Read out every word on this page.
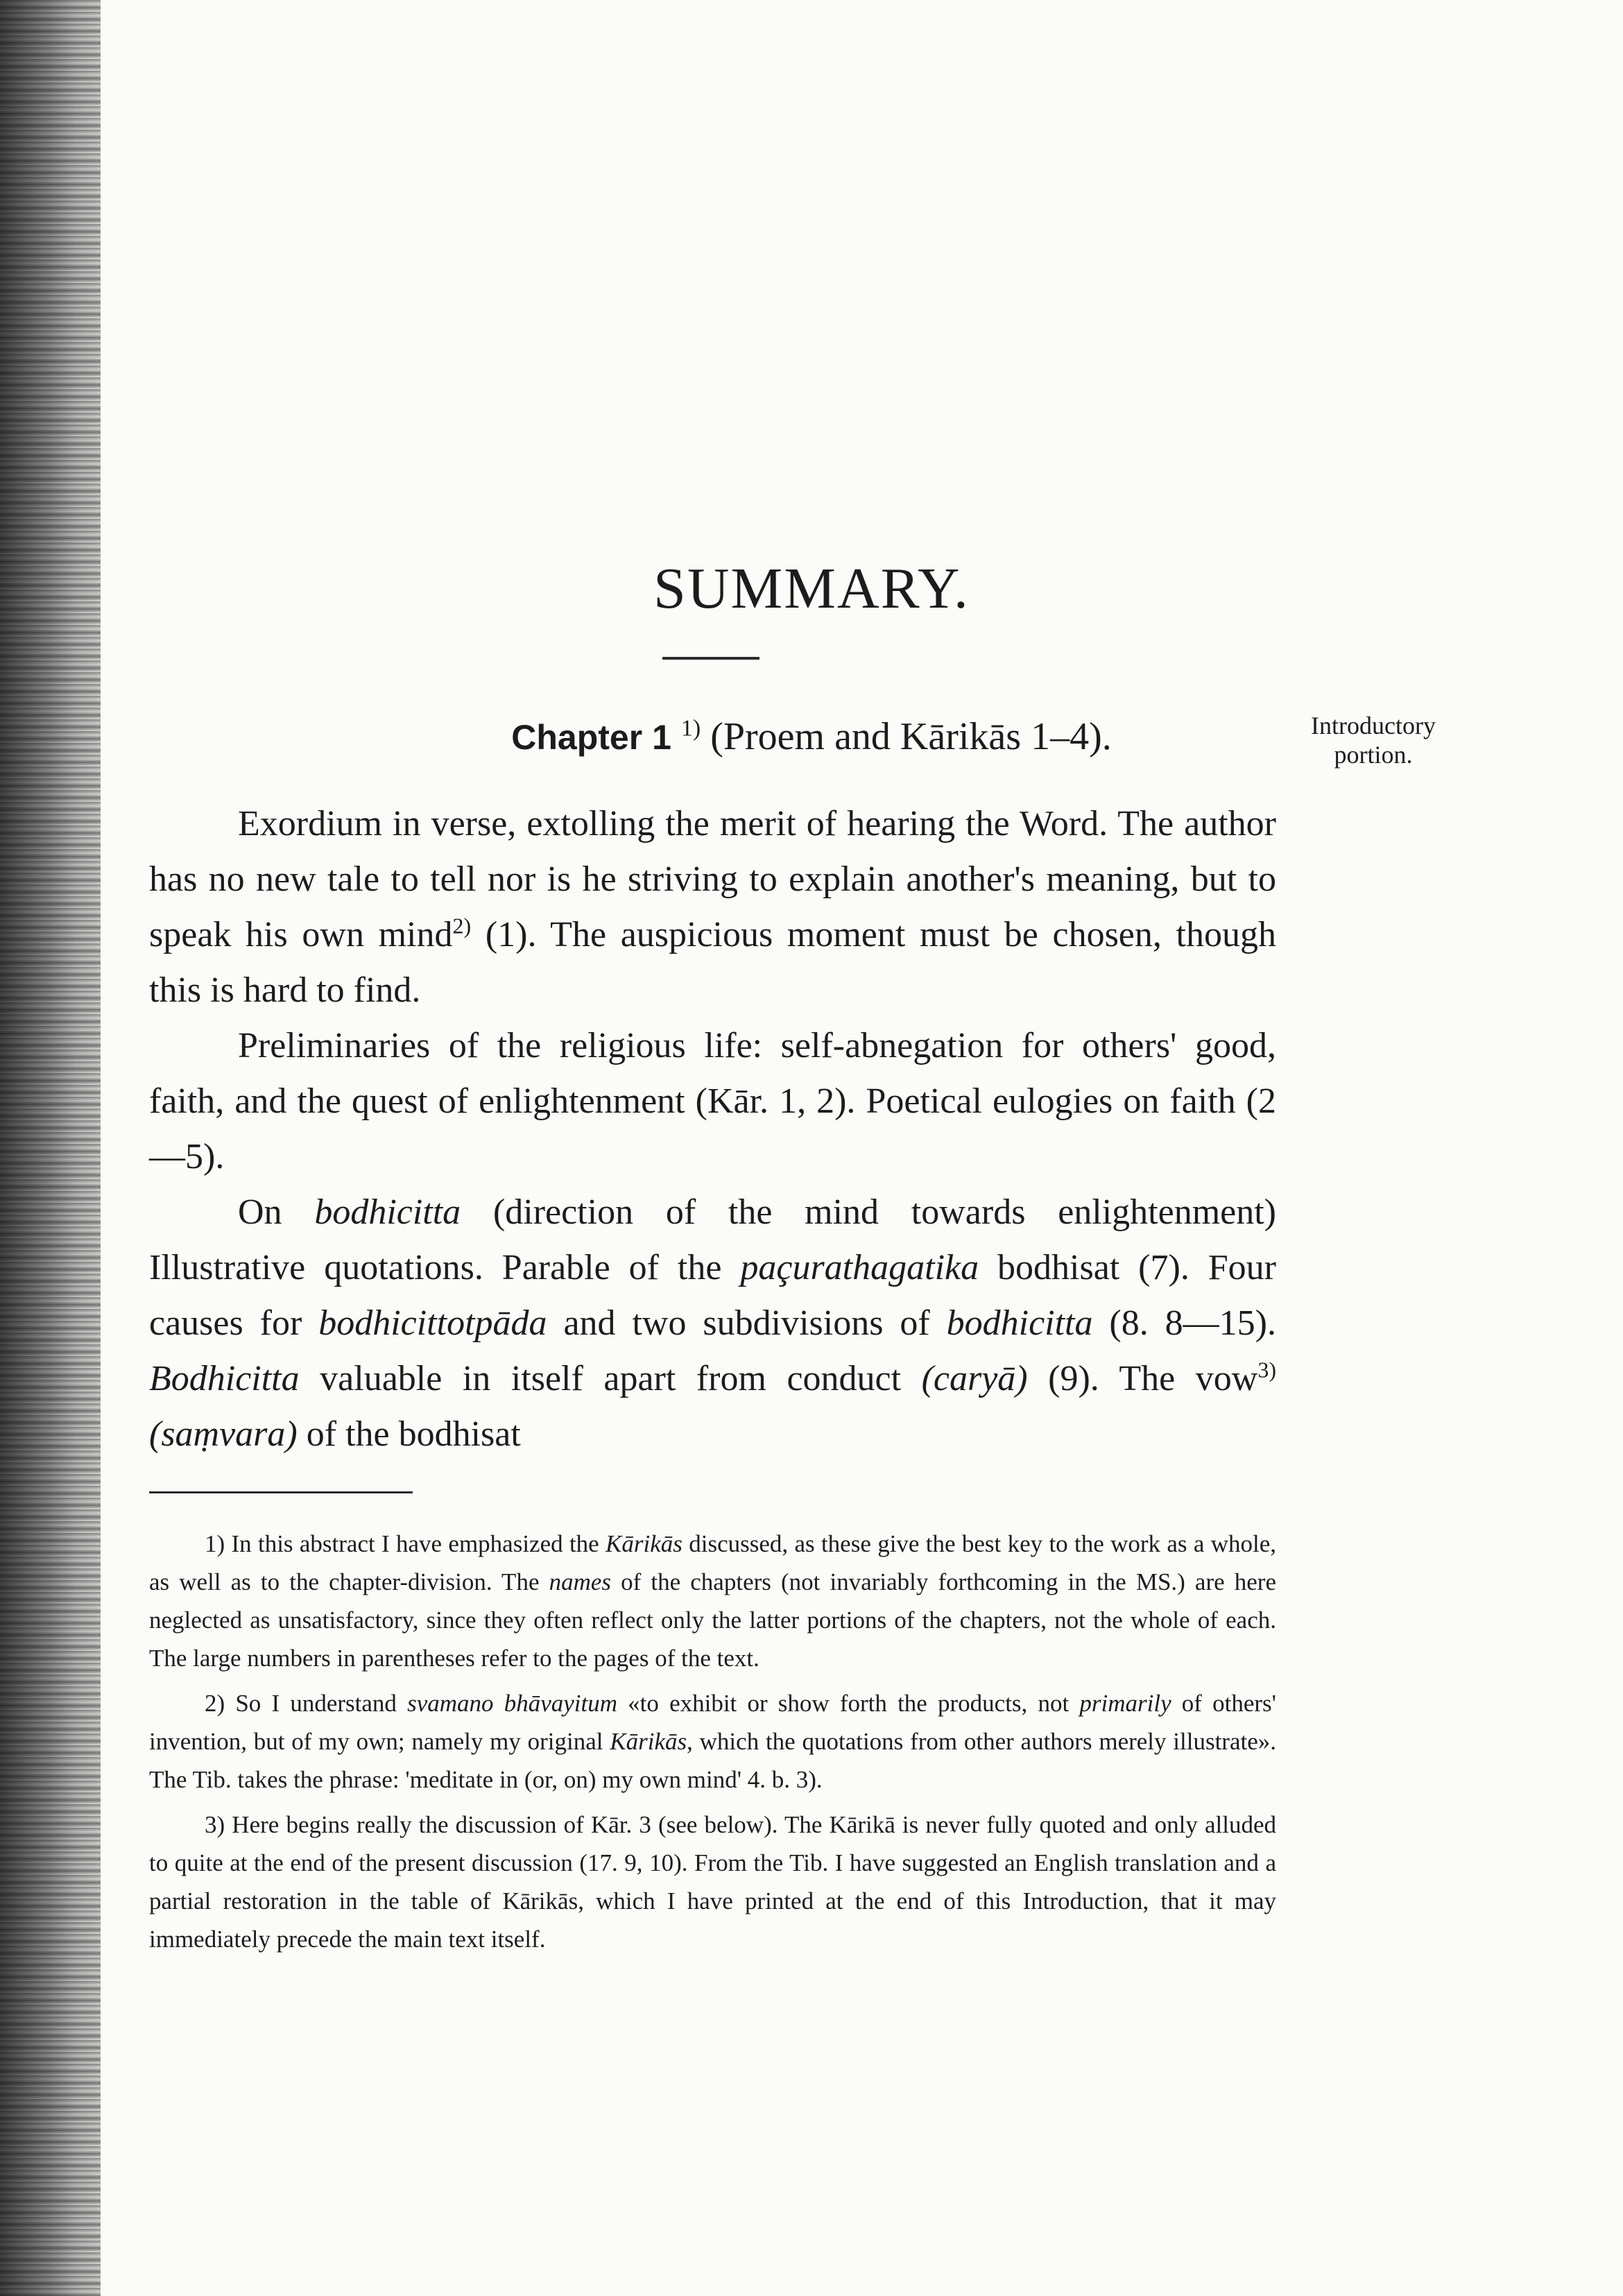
SUMMARY.
Chapter 1 $^{1)}$ (Proem and Kārikās 1–4).	Introductory
portion.

Exordium in verse, extolling the merit of hearing the Word. The author has no new tale to tell nor is he striving to explain another's meaning, but to speak his own mind$^{2)}$ (1). The auspicious moment must be chosen, though this is hard to find.

Preliminaries of the religious life: self-abnegation for others' good, faith, and the quest of enlightenment (Kār. 1, 2). Poetical eulogies on faith (2—5).

On bodhicitta (direction of the mind towards enlightenment) Illustrative quotations. Parable of the paçurathagatika bodhisat (7). Four causes for bodhicittotpāda and two subdivisions of bodhicitta (8. 8—15). Bodhicitta valuable in itself apart from conduct (caryā) (9). The vow$^{3)}$ (saṃvara) of the bodhisat

1) In this abstract I have emphasized the Kārikās discussed, as these give the best key to the work as a whole, as well as to the chapter-division. The names of the chapters (not invariably forthcoming in the MS.) are here neglected as unsatisfactory, since they often reflect only the latter portions of the chapters, not the whole of each. The large numbers in parentheses refer to the pages of the text.

2) So I understand svamano bhāvayitum «to exhibit or show forth the products, not primarily of others' invention, but of my own; namely my original Kārikās, which the quotations from other authors merely illustrate». The Tib. takes the phrase: 'meditate in (or, on) my own mind' 4. b. 3).

3) Here begins really the discussion of Kār. 3 (see below). The Kārikā is never fully quoted and only alluded to quite at the end of the present discussion (17. 9, 10). From the Tib. I have suggested an English translation and a partial restoration in the table of Kārikās, which I have printed at the end of this Introduction, that it may immediately precede the main text itself.
